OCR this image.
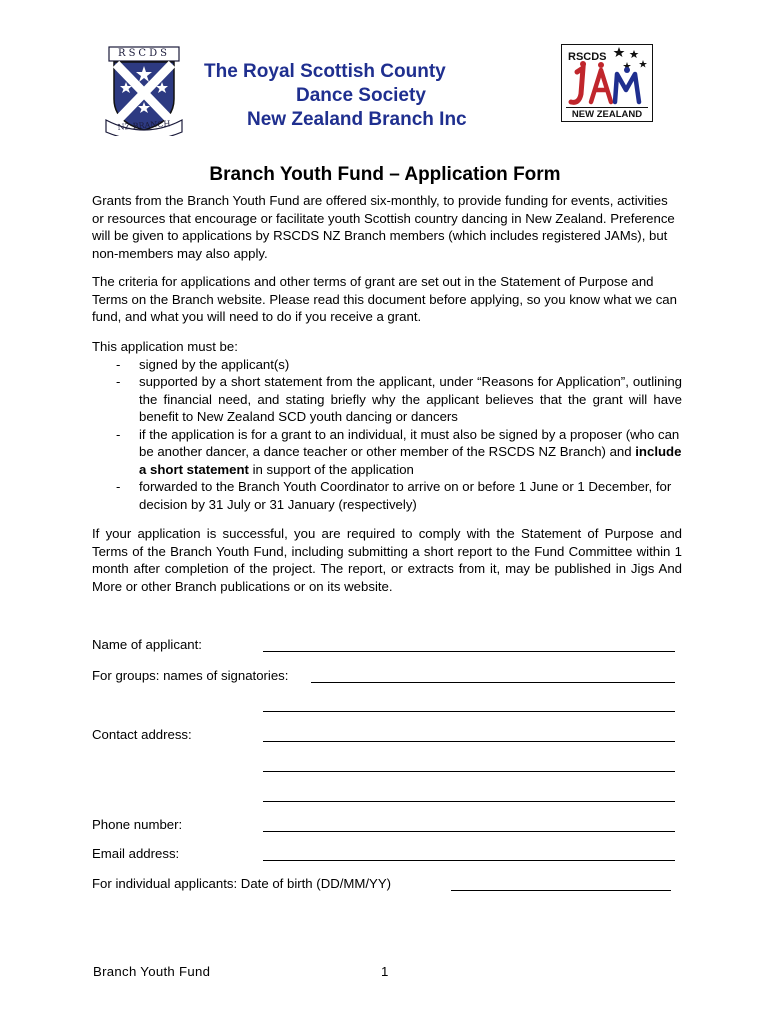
RSCDS
NZ BRANCH
The Royal Scottish County
Dance Society
New Zealand Branch Inc
RSCDS
NEW ZEALAND
Branch Youth Fund – Application Form
Grants from the Branch Youth Fund are offered six-monthly, to provide funding for events, activities or resources that encourage or facilitate youth Scottish country dancing in New Zealand. Preference will be given to applications by RSCDS NZ Branch members (which includes registered JAMs), but non-members may also apply.
The criteria for applications and other terms of grant are set out in the Statement of Purpose and Terms on the Branch website. Please read this document before applying, so you know what we can fund, and what you will need to do if you receive a grant.
This application must be:
- signed by the applicant(s)
- supported by a short statement from the applicant, under “Reasons for Application”, outlining the financial need, and stating briefly why the applicant believes that the grant will have benefit to New Zealand SCD youth dancing or dancers
- if the application is for a grant to an individual, it must also be signed by a proposer (who can be another dancer, a dance teacher or other member of the RSCDS NZ Branch) and include a short statement in support of the application
- forwarded to the Branch Youth Coordinator to arrive on or before 1 June or 1 December, for decision by 31 July or 31 January (respectively)
If your application is successful, you are required to comply with the Statement of Purpose and Terms of the Branch Youth Fund, including submitting a short report to the Fund Committee within 1 month after completion of the project. The report, or extracts from it, may be published in Jigs And More or other Branch publications or on its website.
Name of applicant:
For groups: names of signatories:
Contact address:
Phone number:
Email address:
For individual applicants: Date of birth (DD/MM/YY)
Branch Youth Fund	1
